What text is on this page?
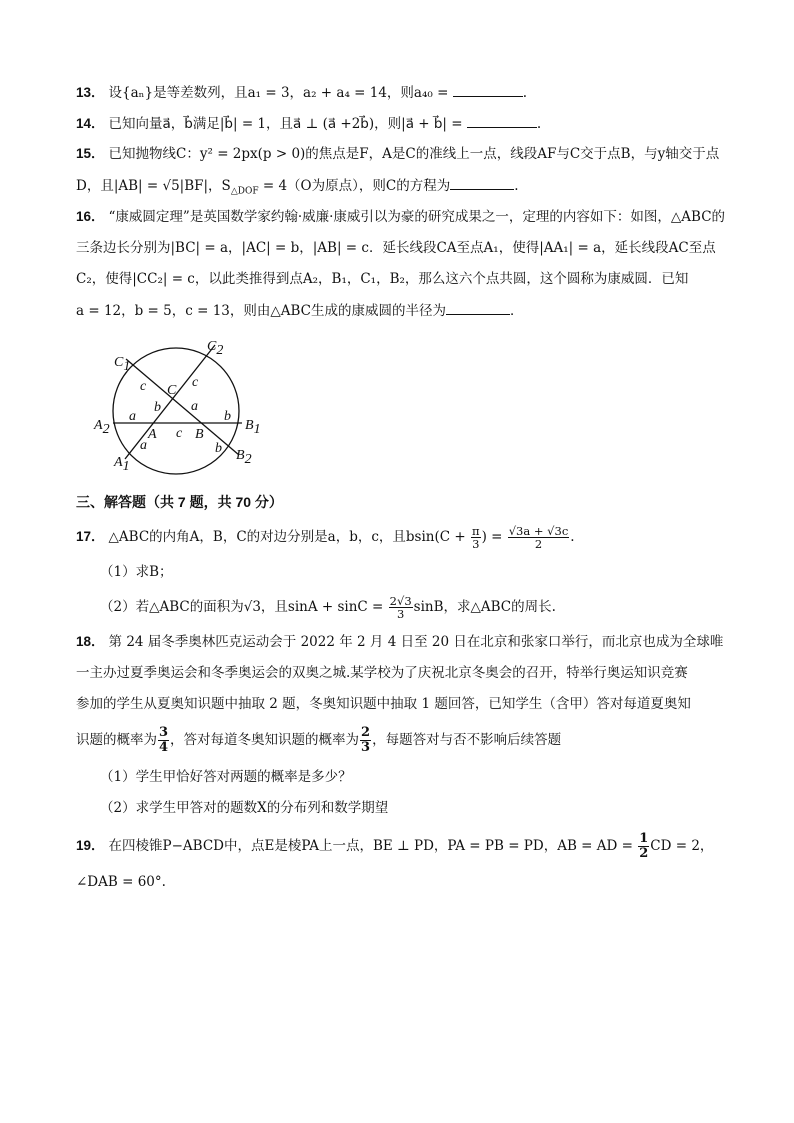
13． 设{aₙ}是等差数列，且a₁ = 3，a₂ + a₄ = 14，则a₄₀ =	.
14． 已知向量a⃗，b⃗满足|b⃗| = 1，且a⃗ ⊥ (a⃗ +2b⃗)，则|a⃗ + b⃗| =	.
15． 已知抛物线C：y² = 2px(p > 0)的焦点是F，A是C的准线上一点，线段AF与C交于点B，与y轴交于点
D，且|AB| = √5|BF|，$S_{\triangle DOF} = 4(O$为原点），则C的方程为	.
16． “康威圆定理”是英国数学家约翰·威廉·康威引以为豪的研究成果之一，定理的内容如下：如图，△ABC的
三条边长分别为|BC| = a，|AC| = b，|AB| = c．延长线段CA至点A₁，使得|AA₁| = a，延长线段AC至点
C₂，使得|CC₂| = c，以此类推得到点A₂，B₁，C₁，B₂，那么这六个点共圆，这个圆称为康威圆．已知
a = 12，b = 5，c = 13，则由△ABC生成的康威圆的半径为	．
C1
C2
A2	B1
A1
B2
C
A	B
c	c
b a
a	b
c
a	b
三、解答题（共 7 题，共 70 分）
17． △ABC的内角A，B，C的对边分别是a，b，c，且$bsin(C + \frac{\pi}{3}$ ) = $\frac{√3a + √3c}{2}$ .
（1）求B；
（2）若△ABC的面积为√3，且$\sin A + \sin C = \frac{2√3}{3}$ sinB，求△ABC的周长.
18． 第 24 届冬季奥林匹克运动会于 2022 年 2 月 4 日至 20 日在北京和张家口举行，而北京也成为全球唯
一主办过夏季奥运会和冬季奥运会的双奥之城.某学校为了庆祝北京冬奥会的召开，特举行奥运知识竞赛
参加的学生从夏奥知识题中抽取 2 题，冬奥知识题中抽取 1 题回答，已知学生（含甲）答对每道夏奥知
识题的概率为 $\frac{3}{4}$ ，答对每道冬奥知识题的概率为 $\frac{2}{3}$ ，每题答对与否不影响后续答题
（1）学生甲恰好答对两题的概率是多少？
（2）求学生甲答对的题数X的分布列和数学期望
19． 在四棱锥P−ABCD中，点E是棱PA上一点，BE ⊥ PD，PA = PB = PD，AB = AD = $\frac{1}{2}$ CD = 2，
∠DAB = 60°.
